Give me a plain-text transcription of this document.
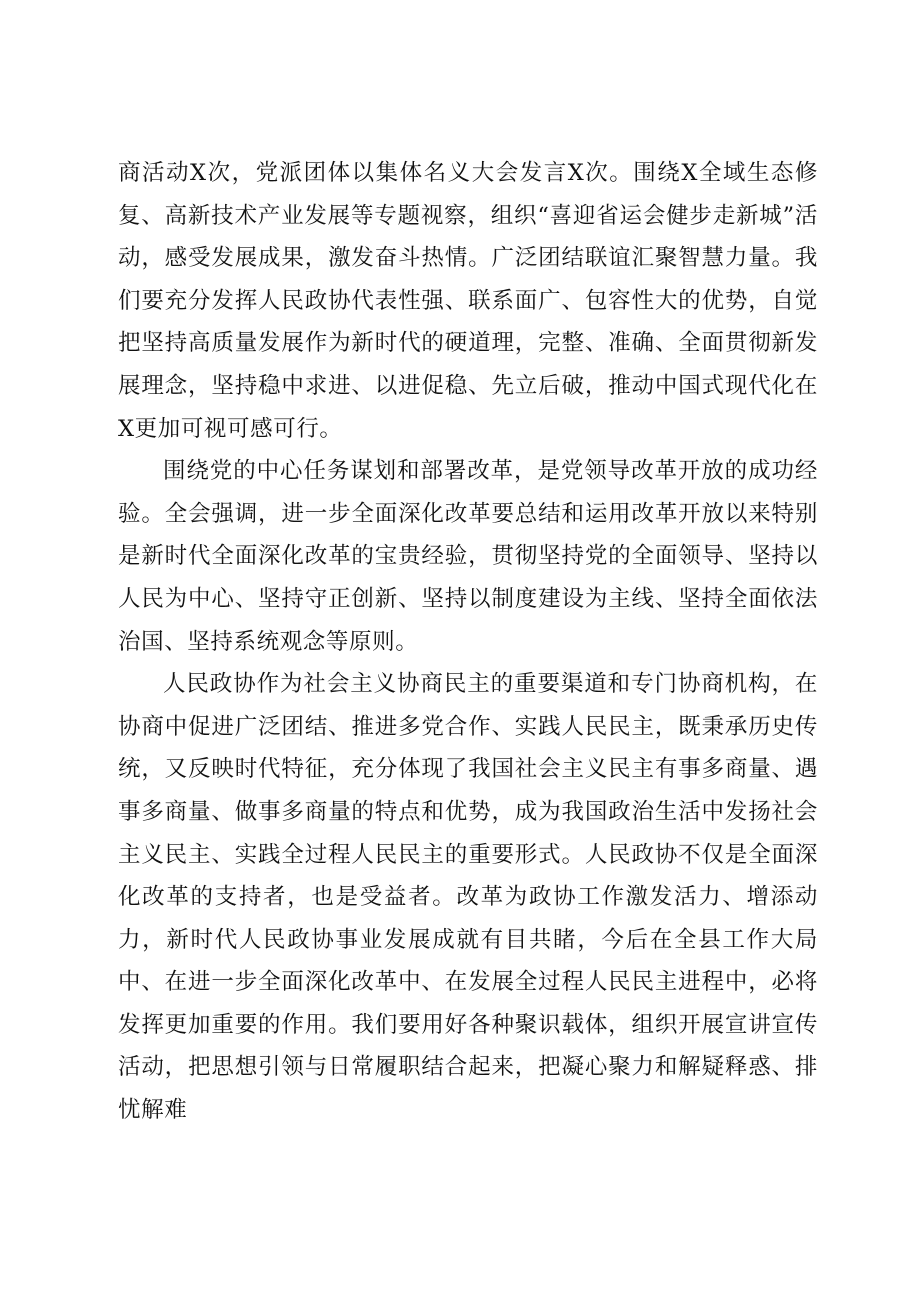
商活动X次，党派团体以集体名义大会发言X次。围绕X全域生态修复、高新技术产业发展等专题视察，组织“喜迎省运会健步走新城”活动，感受发展成果，激发奋斗热情。广泛团结联谊汇聚智慧力量。我们要充分发挥人民政协代表性强、联系面广、包容性大的优势，自觉把坚持高质量发展作为新时代的硬道理，完整、准确、全面贯彻新发展理念，坚持稳中求进、以进促稳、先立后破，推动中国式现代化在X更加可视可感可行。

围绕党的中心任务谋划和部署改革，是党领导改革开放的成功经验。全会强调，进一步全面深化改革要总结和运用改革开放以来特别是新时代全面深化改革的宝贵经验，贯彻坚持党的全面领导、坚持以人民为中心、坚持守正创新、坚持以制度建设为主线、坚持全面依法治国、坚持系统观念等原则。

人民政协作为社会主义协商民主的重要渠道和专门协商机构，在协商中促进广泛团结、推进多党合作、实践人民民主，既秉承历史传统，又反映时代特征，充分体现了我国社会主义民主有事多商量、遇事多商量、做事多商量的特点和优势，成为我国政治生活中发扬社会主义民主、实践全过程人民民主的重要形式。人民政协不仅是全面深化改革的支持者，也是受益者。改革为政协工作激发活力、增添动力，新时代人民政协事业发展成就有目共睹，今后在全县工作大局中、在进一步全面深化改革中、在发展全过程人民民主进程中，必将发挥更加重要的作用。我们要用好各种聚识载体，组织开展宣讲宣传活动，把思想引领与日常履职结合起来，把凝心聚力和解疑释惑、排忧解难
